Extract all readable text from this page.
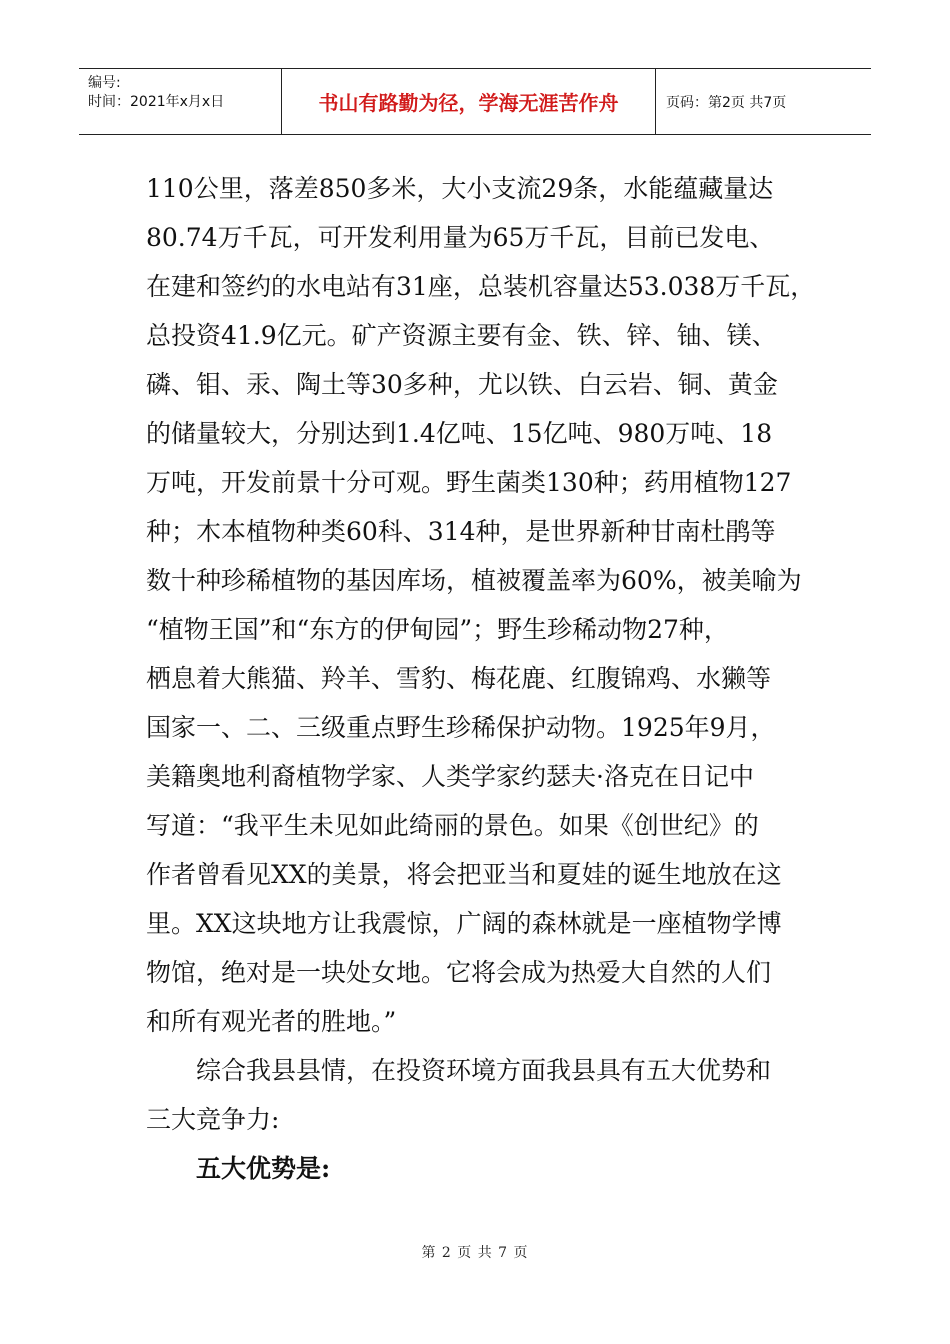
编号:
时间：2021年x月x日	书山有路勤为径，学海无涯苦作舟	页码：第2页 共7页
110公里，落差850多米，大小支流29条，水能蕴藏量达
80.74万千瓦，可开发利用量为65万千瓦，目前已发电、
在建和签约的水电站有31座，总装机容量达53.038万千瓦，
总投资41.9亿元。矿产资源主要有金、铁、锌、铀、镁、
磷、钼、汞、陶土等30多种，尤以铁、白云岩、铜、黄金
的储量较大，分别达到1.4亿吨、15亿吨、980万吨、18
万吨，开发前景十分可观。野生菌类130种；药用植物127
种；木本植物种类60科、314种，是世界新种甘南杜鹃等
数十种珍稀植物的基因库场，植被覆盖率为60%，被美喻为
“植物王国”和“东方的伊甸园”；野生珍稀动物27种，
栖息着大熊猫、羚羊、雪豹、梅花鹿、红腹锦鸡、水獭等
国家一、二、三级重点野生珍稀保护动物。1925年9月，
美籍奥地利裔植物学家、人类学家约瑟夫·洛克在日记中
写道：“我平生未见如此绮丽的景色。如果《创世纪》的
作者曾看见XX的美景，将会把亚当和夏娃的诞生地放在这
里。XX这块地方让我震惊，广阔的森林就是一座植物学博
物馆，绝对是一块处女地。它将会成为热爱大自然的人们
和所有观光者的胜地。”
综合我县县情，在投资环境方面我县具有五大优势和
三大竞争力:
五大优势是:
第 2 页 共 7 页
